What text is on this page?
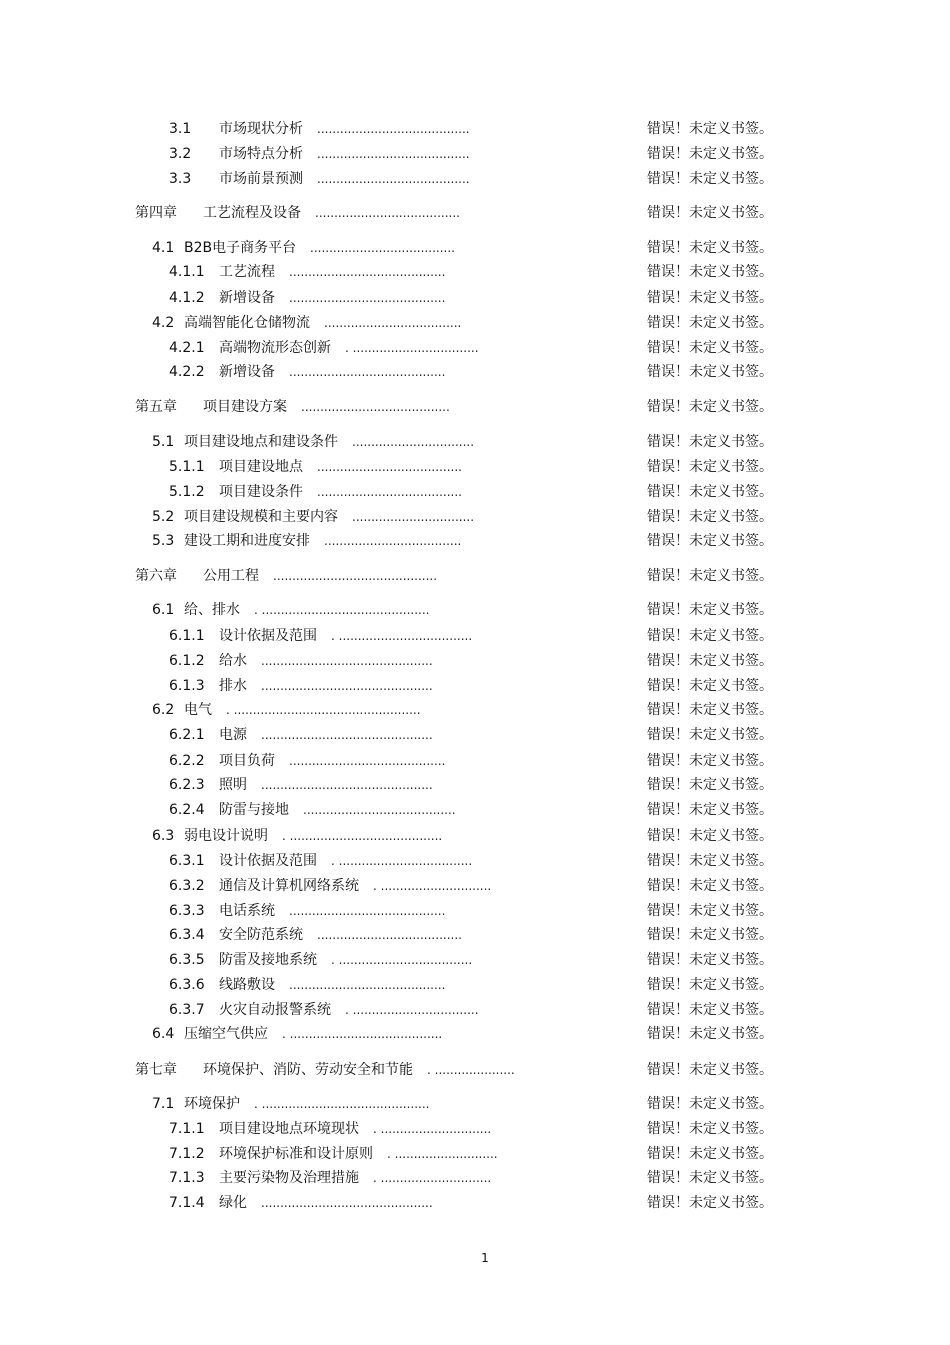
3.1 市场现状分析 ........................................	错误！未定义书签。
3.2 市场特点分析 ........................................	错误！未定义书签。
3.3 市场前景预测 ........................................	错误！未定义书签。
第四章 工艺流程及设备 ......................................	错误！未定义书签。
4.1 B2B电子商务平台 ......................................	错误！未定义书签。
4.1.1 工艺流程 .........................................	错误！未定义书签。
4.1.2 新增设备 .........................................	错误！未定义书签。
4.2 高端智能化仓储物流 ....................................	错误！未定义书签。
4.2.1 高端物流形态创新 . .................................	错误！未定义书签。
4.2.2 新增设备 .........................................	错误！未定义书签。
第五章 项目建设方案 .......................................	错误！未定义书签。
5.1 项目建设地点和建设条件 ................................	错误！未定义书签。
5.1.1 项目建设地点 ......................................	错误！未定义书签。
5.1.2 项目建设条件 ......................................	错误！未定义书签。
5.2 项目建设规模和主要内容 ................................	错误！未定义书签。
5.3 建设工期和进度安排 ....................................	错误！未定义书签。
第六章 公用工程 ...........................................	错误！未定义书签。
6.1 给、排水 . ............................................	错误！未定义书签。
6.1.1 设计依据及范围 . ...................................	错误！未定义书签。
6.1.2 给水 .............................................	错误！未定义书签。
6.1.3 排水 .............................................	错误！未定义书签。
6.2 电气 . .................................................	错误！未定义书签。
6.2.1 电源 .............................................	错误！未定义书签。
6.2.2 项目负荷 .........................................	错误！未定义书签。
6.2.3 照明 .............................................	错误！未定义书签。
6.2.4 防雷与接地 ........................................	错误！未定义书签。
6.3 弱电设计说明 . ........................................	错误！未定义书签。
6.3.1 设计依据及范围 . ...................................	错误！未定义书签。
6.3.2 通信及计算机网络系统 . .............................	错误！未定义书签。
6.3.3 电话系统 .........................................	错误！未定义书签。
6.3.4 安全防范系统 ......................................	错误！未定义书签。
6.3.5 防雷及接地系统 . ...................................	错误！未定义书签。
6.3.6 线路敷设 .........................................	错误！未定义书签。
6.3.7 火灾自动报警系统 . .................................	错误！未定义书签。
6.4 压缩空气供应 . ........................................	错误！未定义书签。
第七章 环境保护、消防、劳动安全和节能 . .....................	错误！未定义书签。
7.1 环境保护 . ............................................	错误！未定义书签。
7.1.1 项目建设地点环境现状 . .............................	错误！未定义书签。
7.1.2 环境保护标准和设计原则 . ...........................	错误！未定义书签。
7.1.3 主要污染物及治理措施 . .............................	错误！未定义书签。
7.1.4 绿化 .............................................	错误！未定义书签。
1
